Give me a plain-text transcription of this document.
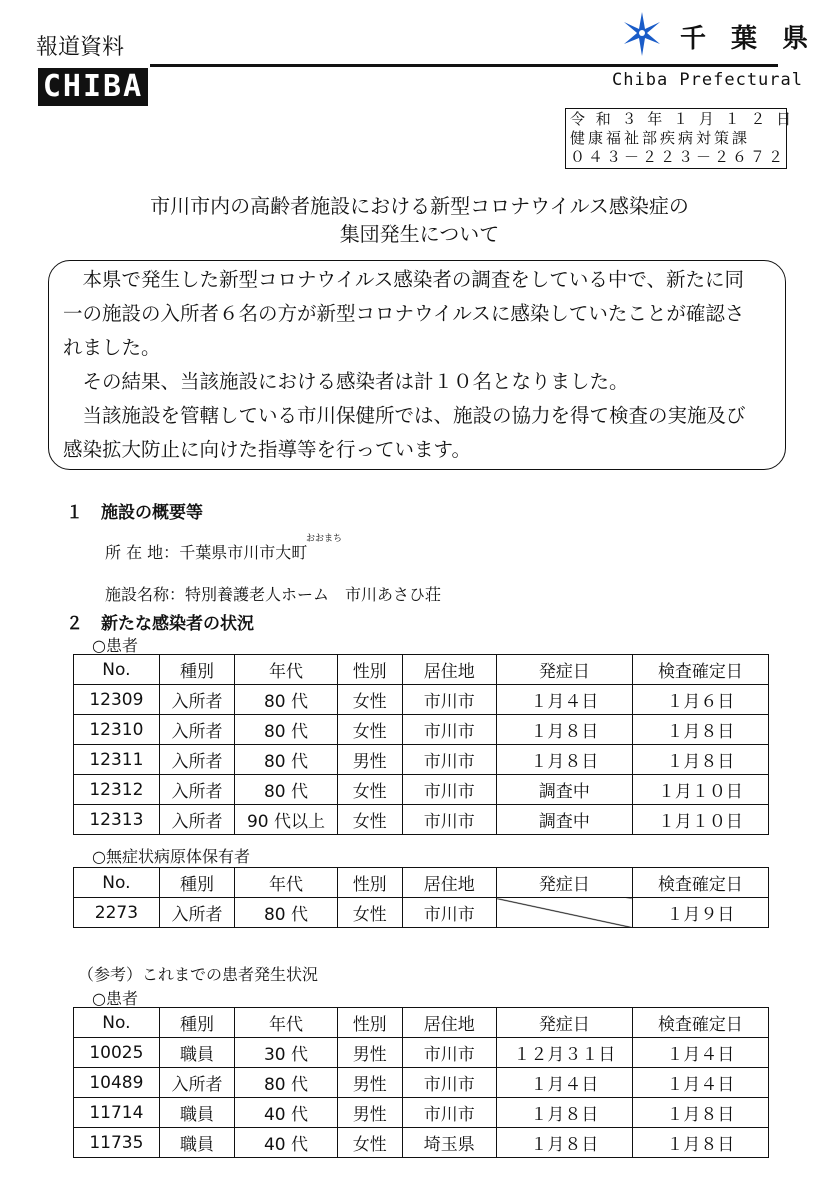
報道資料
CHIBA
千 葉 県
Chiba Prefectural
令 和 ３ 年 １ 月 １ ２ 日
健康福祉部疾病対策課
０４３－２２３－２６７２
市川市内の高齢者施設における新型コロナウイルス感染症の
集団発生について

本県で発生した新型コロナウイルス感染者の調査をしている中で、新たに同一の施設の入所者６名の方が新型コロナウイルスに感染していたことが確認されました。

その結果、当該施設における感染者は計１０名となりました。

当該施設を管轄している市川保健所では、施設の協力を得て検査の実施及び感染拡大防止に向けた指導等を行っています。

１ 施設の概要等
所 在 地：千葉県市川市大町
おおまち
施設名称：特別養護老人ホーム　市川あさひ荘
２ 新たな感染者の状況
○患者
No.	種別	年代	性別	居住地	発症日	検査確定日
12309	入所者	80 代	女性	市川市	１月４日	１月６日
12310	入所者	80 代	女性	市川市	１月８日	１月８日
12311	入所者	80 代	男性	市川市	１月８日	１月８日
12312	入所者	80 代	女性	市川市	調査中	１月１０日
12313	入所者	90 代以上	女性	市川市	調査中	１月１０日
○無症状病原体保有者
No.	種別	年代	性別	居住地	発症日	検査確定日
2273	入所者	80 代	女性	市川市		１月９日
（参考）これまでの患者発生状況
○患者
No.	種別	年代	性別	居住地	発症日	検査確定日
10025	職員	30 代	男性	市川市	１２月３１日	１月４日
10489	入所者	80 代	男性	市川市	１月４日	１月４日
11714	職員	40 代	男性	市川市	１月８日	１月８日
11735	職員	40 代	女性	埼玉県	１月８日	１月８日
